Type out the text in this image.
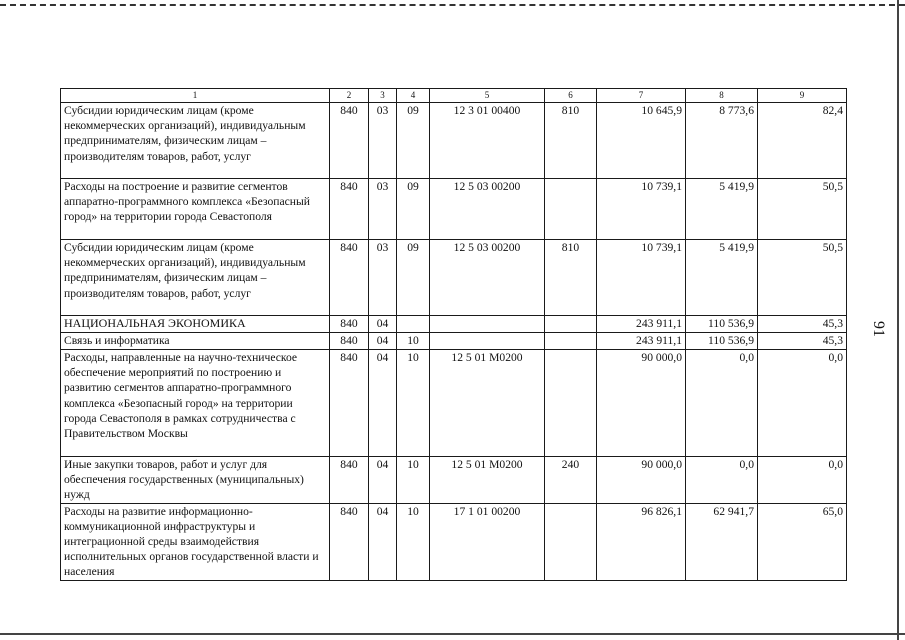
1	2	3	4	5	6	7	8	9
Субсидии юридическим лицам (кроме некоммерческих организаций), индивидуальным предпринимателям, физическим лицам – производителям товаров, работ, услуг	840	03	09	12 3 01 00400	810	10 645,9	8 773,6	82,4
Расходы на построение и развитие сегментов аппаратно-программного комплекса «Безопасный город» на территории города Севастополя	840	03	09	12 5 03 00200		10 739,1	5 419,9	50,5
Субсидии юридическим лицам (кроме некоммерческих организаций), индивидуальным предпринимателям, физическим лицам – производителям товаров, работ, услуг	840	03	09	12 5 03 00200	810	10 739,1	5 419,9	50,5
НАЦИОНАЛЬНАЯ ЭКОНОМИКА	840	04				243 911,1	110 536,9	45,3
Связь и информатика	840	04	10			243 911,1	110 536,9	45,3
Расходы, направленные на научно-техническое обеспечение мероприятий по построению и развитию сегментов аппаратно-программного комплекса «Безопасный город» на территории города Севастополя в рамках сотрудничества с Правительством Москвы	840	04	10	12 5 01 M0200		90 000,0	0,0	0,0
Иные закупки товаров, работ и услуг для обеспечения государственных (муниципальных) нужд	840	04	10	12 5 01 M0200	240	90 000,0	0,0	0,0
Расходы на развитие информационно-коммуникационной инфраструктуры и интеграционной среды взаимодействия исполнительных органов государственной власти и населения	840	04	10	17 1 01 00200		96 826,1	62 941,7	65,0
91
